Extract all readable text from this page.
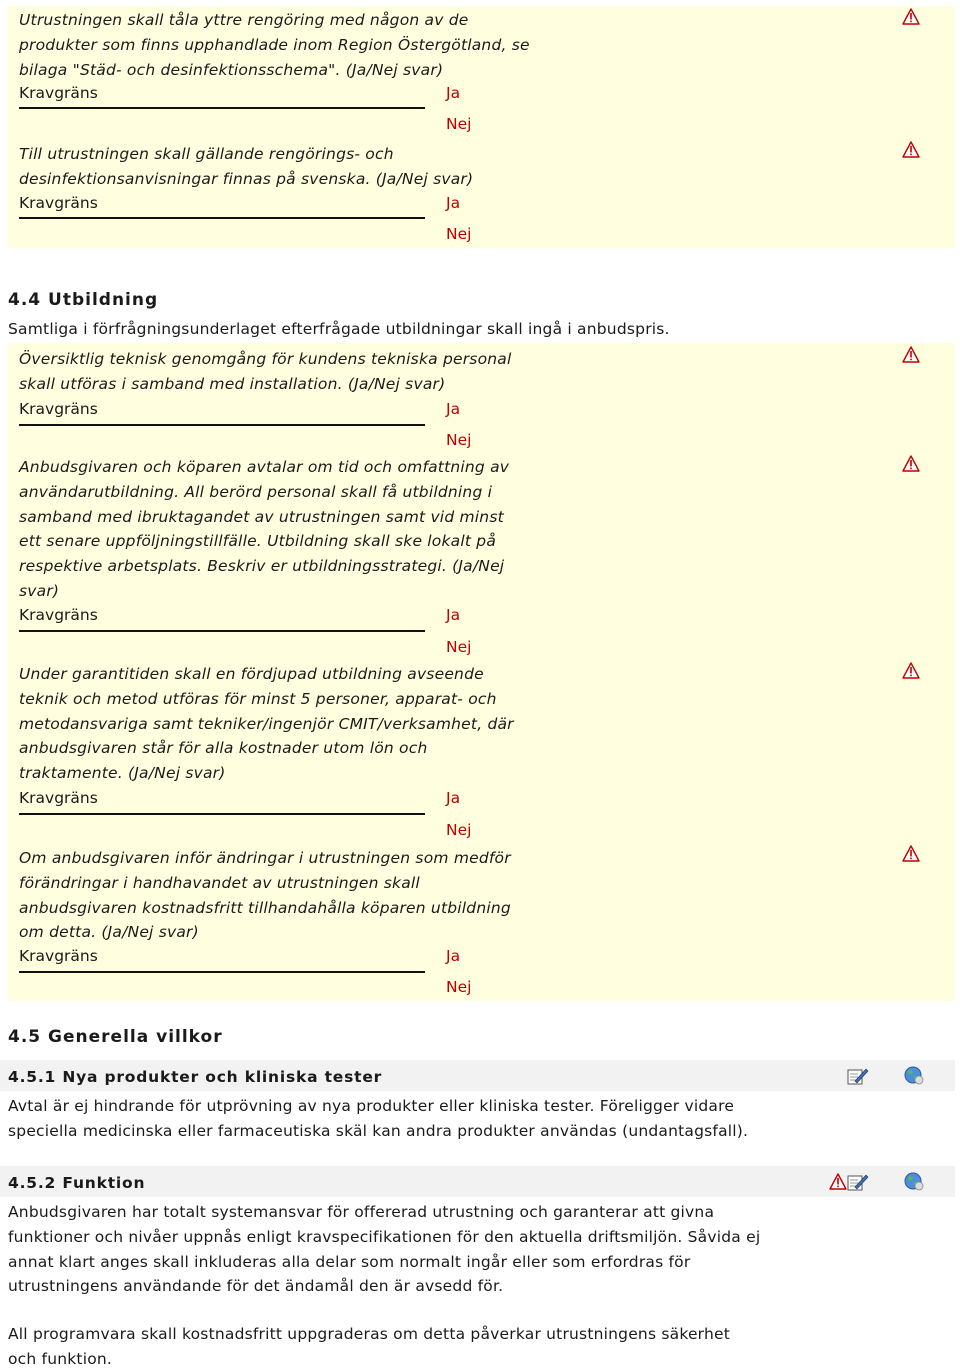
Utrustningen skall tåla yttre rengöring med någon av de
produkter som finns upphandlade inom Region Östergötland, se
bilaga "Städ- och desinfektionsschema". (Ja/Nej svar)
Kravgräns	Ja
Nej
Till utrustningen skall gällande rengörings- och
desinfektionsanvisningar finnas på svenska. (Ja/Nej svar)
Kravgräns	Ja
Nej
4.4 Utbildning
Samtliga i förfrågningsunderlaget efterfrågade utbildningar skall ingå i anbudspris.
Översiktlig teknisk genomgång för kundens tekniska personal
skall utföras i samband med installation. (Ja/Nej svar)
Kravgräns	Ja
Nej
Anbudsgivaren och köparen avtalar om tid och omfattning av
användarutbildning. All berörd personal skall få utbildning i
samband med ibruktagandet av utrustningen samt vid minst
ett senare uppföljningstillfälle. Utbildning skall ske lokalt på
respektive arbetsplats. Beskriv er utbildningsstrategi. (Ja/Nej
svar)
Kravgräns	Ja
Nej
Under garantitiden skall en fördjupad utbildning avseende
teknik och metod utföras för minst 5 personer, apparat- och
metodansvariga samt tekniker/ingenjör CMIT/verksamhet, där
anbudsgivaren står för alla kostnader utom lön och
traktamente. (Ja/Nej svar)
Kravgräns	Ja
Nej
Om anbudsgivaren inför ändringar i utrustningen som medför
förändringar i handhavandet av utrustningen skall
anbudsgivaren kostnadsfritt tillhandahålla köparen utbildning
om detta. (Ja/Nej svar)
Kravgräns	Ja
Nej
4.5 Generella villkor
4.5.1 Nya produkter och kliniska tester
Avtal är ej hindrande för utprövning av nya produkter eller kliniska tester. Föreligger vidare
speciella medicinska eller farmaceutiska skäl kan andra produkter användas (undantagsfall).
4.5.2 Funktion
Anbudsgivaren har totalt systemansvar för offererad utrustning och garanterar att givna
funktioner och nivåer uppnås enligt kravspecifikationen för den aktuella driftsmiljön. Såvida ej
annat klart anges skall inkluderas alla delar som normalt ingår eller som erfordras för
utrustningens användande för det ändamål den är avsedd för.
All programvara skall kostnadsfritt uppgraderas om detta påverkar utrustningens säkerhet
och funktion.
